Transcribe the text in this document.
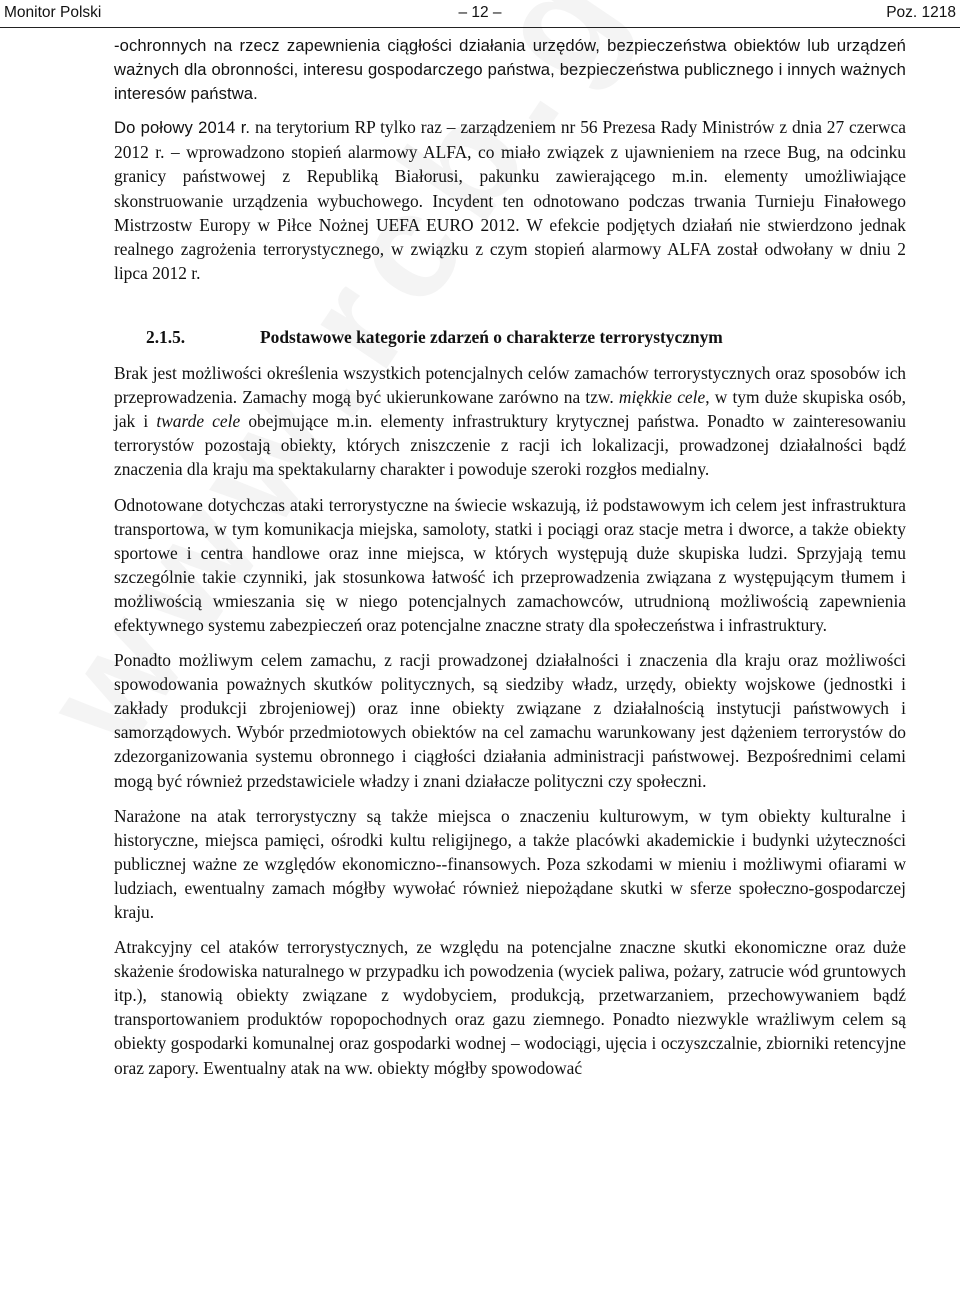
Monitor Polski	– 12 –	Poz. 1218

-ochronnych na rzecz zapewnienia ciągłości działania urzędów, bezpieczeństwa obiektów lub urządzeń ważnych dla obronności, interesu gospodarczego państwa, bezpieczeństwa publicznego i innych ważnych interesów państwa.

Do połowy 2014 r. na terytorium RP tylko raz – zarządzeniem nr 56 Prezesa Rady Ministrów z dnia 27 czerwca 2012 r. – wprowadzono stopień alarmowy ALFA, co miało związek z ujawnieniem na rzece Bug, na odcinku granicy państwowej z Republiką Białorusi, pakunku zawierającego m.in. elementy umożliwiające skonstruowanie urządzenia wybuchowego. Incydent ten odnotowano podczas trwania Turnieju Finałowego Mistrzostw Europy w Piłce Nożnej UEFA EURO 2012. W efekcie podjętych działań nie stwierdzono jednak realnego zagrożenia terrorystycznego, w związku z czym stopień alarmowy ALFA został odwołany w dniu 2 lipca 2012 r.

2.1.5.	Podstawowe kategorie zdarzeń o charakterze terrorystycznym

Brak jest możliwości określenia wszystkich potencjalnych celów zamachów terrorystycznych oraz sposobów ich przeprowadzenia. Zamachy mogą być ukierunkowane zarówno na tzw. miękkie cele, w tym duże skupiska osób, jak i twarde cele obejmujące m.in. elementy infrastruktury krytycznej państwa. Ponadto w zainteresowaniu terrorystów pozostają obiekty, których zniszczenie z racji ich lokalizacji, prowadzonej działalności bądź znaczenia dla kraju ma spektakularny charakter i powoduje szeroki rozgłos medialny.

Odnotowane dotychczas ataki terrorystyczne na świecie wskazują, iż podstawowym ich celem jest infrastruktura transportowa, w tym komunikacja miejska, samoloty, statki i pociągi oraz stacje metra i dworce, a także obiekty sportowe i centra handlowe oraz inne miejsca, w których występują duże skupiska ludzi. Sprzyjają temu szczególnie takie czynniki, jak stosunkowa łatwość ich przeprowadzenia związana z występującym tłumem i możliwością wmieszania się w niego potencjalnych zamachowców, utrudnioną możliwością zapewnienia efektywnego systemu zabezpieczeń oraz potencjalne znaczne straty dla społeczeństwa i infrastruktury.

Ponadto możliwym celem zamachu, z racji prowadzonej działalności i znaczenia dla kraju oraz możliwości spowodowania poważnych skutków politycznych, są siedziby władz, urzędy, obiekty wojskowe (jednostki i zakłady produkcji zbrojeniowej) oraz inne obiekty związane z działalnością instytucji państwowych i samorządowych. Wybór przedmiotowych obiektów na cel zamachu warunkowany jest dążeniem terrorystów do zdezorganizowania systemu obronnego i ciągłości działania administracji państwowej. Bezpośrednimi celami mogą być również przedstawiciele władzy i znani działacze polityczni czy społeczni.

Narażone na atak terrorystyczny są także miejsca o znaczeniu kulturowym, w tym obiekty kulturalne i historyczne, miejsca pamięci, ośrodki kultu religijnego, a także placówki akademickie i budynki użyteczności publicznej ważne ze względów ekonomiczno--finansowych. Poza szkodami w mieniu i możliwymi ofiarami w ludziach, ewentualny zamach mógłby wywołać również niepożądane skutki w sferze społeczno-gospodarczej kraju.

Atrakcyjny cel ataków terrorystycznych, ze względu na potencjalne znaczne skutki ekonomiczne oraz duże skażenie środowiska naturalnego w przypadku ich powodzenia (wyciek paliwa, pożary, zatrucie wód gruntowych itp.), stanowią obiekty związane z wydobyciem, produkcją, przetwarzaniem, przechowywaniem bądź transportowaniem produktów ropopochodnych oraz gazu ziemnego. Ponadto niezwykle wrażliwym celem są obiekty gospodarki komunalnej oraz gospodarki wodnej – wodociągi, ujęcia i oczyszczalnie, zbiorniki retencyjne oraz zapory. Ewentualny atak na ww. obiekty mógłby spowodować
